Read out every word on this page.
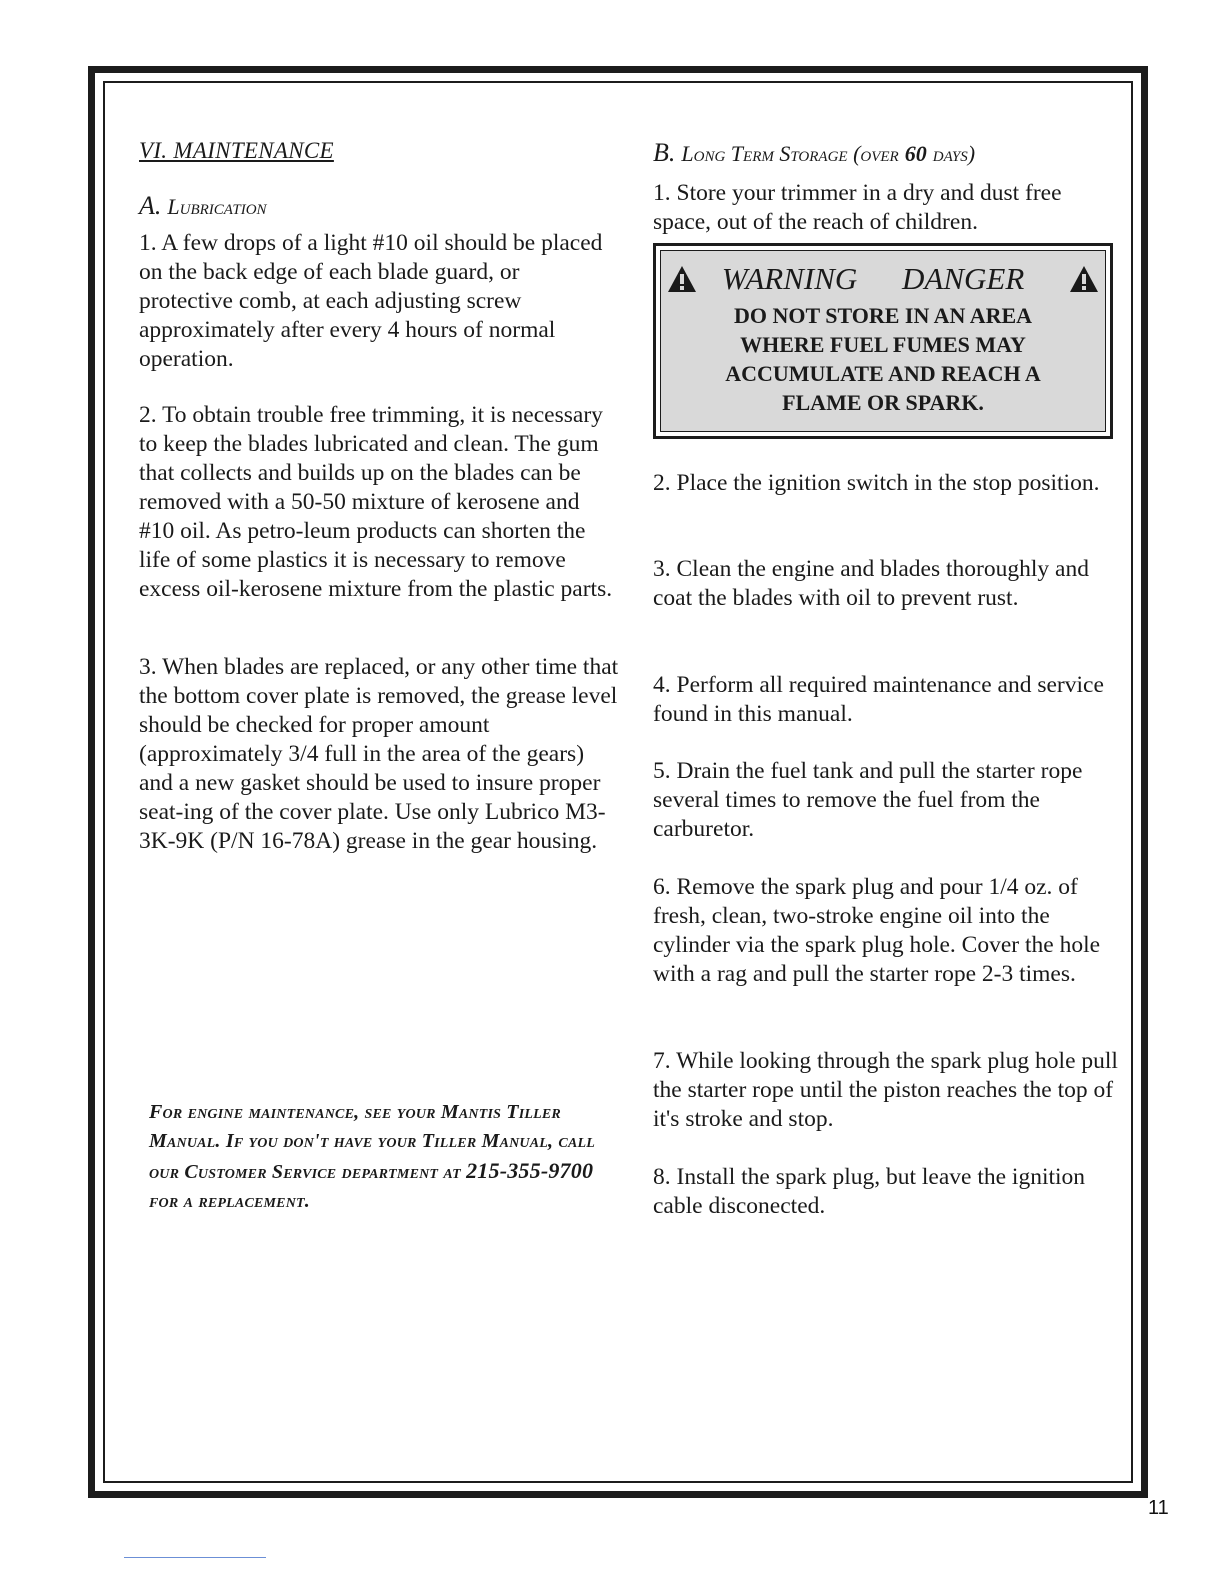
VI. MAINTENANCE
A. Lubrication

1. A few drops of a light #10 oil should be placed on the back edge of each blade guard, or protective comb, at each adjusting screw approximately after every 4 hours of normal operation.

2. To obtain trouble free trimming, it is necessary to keep the blades lubricated and clean. The gum that collects and builds up on the blades can be removed with a 50-50 mixture of kerosene and #10 oil. As petro-leum products can shorten the life of some plastics it is necessary to remove excess oil-kerosene mixture from the plastic parts.

3. When blades are replaced, or any other time that the bottom cover plate is removed, the grease level should be checked for proper amount (approximately 3/4 full in the area of the gears) and a new gasket should be used to insure proper seat-ing of the cover plate. Use only Lubrico M3-3K-9K (P/N 16-78A) grease in the gear housing.

For engine maintenance, see your Mantis Tiller Manual. If you don't have your Tiller Manual, call our Customer Service department at 215-355-9700 for a replacement.

B. Long Term Storage (over 60 days)

1. Store your trimmer in a dry and dust free space, out of the reach of children.

WARNING DANGER

DO NOT STORE IN AN AREA

WHERE FUEL FUMES MAY

ACCUMULATE AND REACH A

FLAME OR SPARK.

2. Place the ignition switch in the stop position.

3. Clean the engine and blades thoroughly and coat the blades with oil to prevent rust.

4. Perform all required maintenance and service found in this manual.

5. Drain the fuel tank and pull the starter rope several times to remove the fuel from the carburetor.

6. Remove the spark plug and pour 1/4 oz. of fresh, clean, two-stroke engine oil into the cylinder via the spark plug hole. Cover the hole with a rag and pull the starter rope 2-3 times.

7. While looking through the spark plug hole pull the starter rope until the piston reaches the top of it's stroke and stop.

8. Install the spark plug, but leave the ignition cable disconected.

11
